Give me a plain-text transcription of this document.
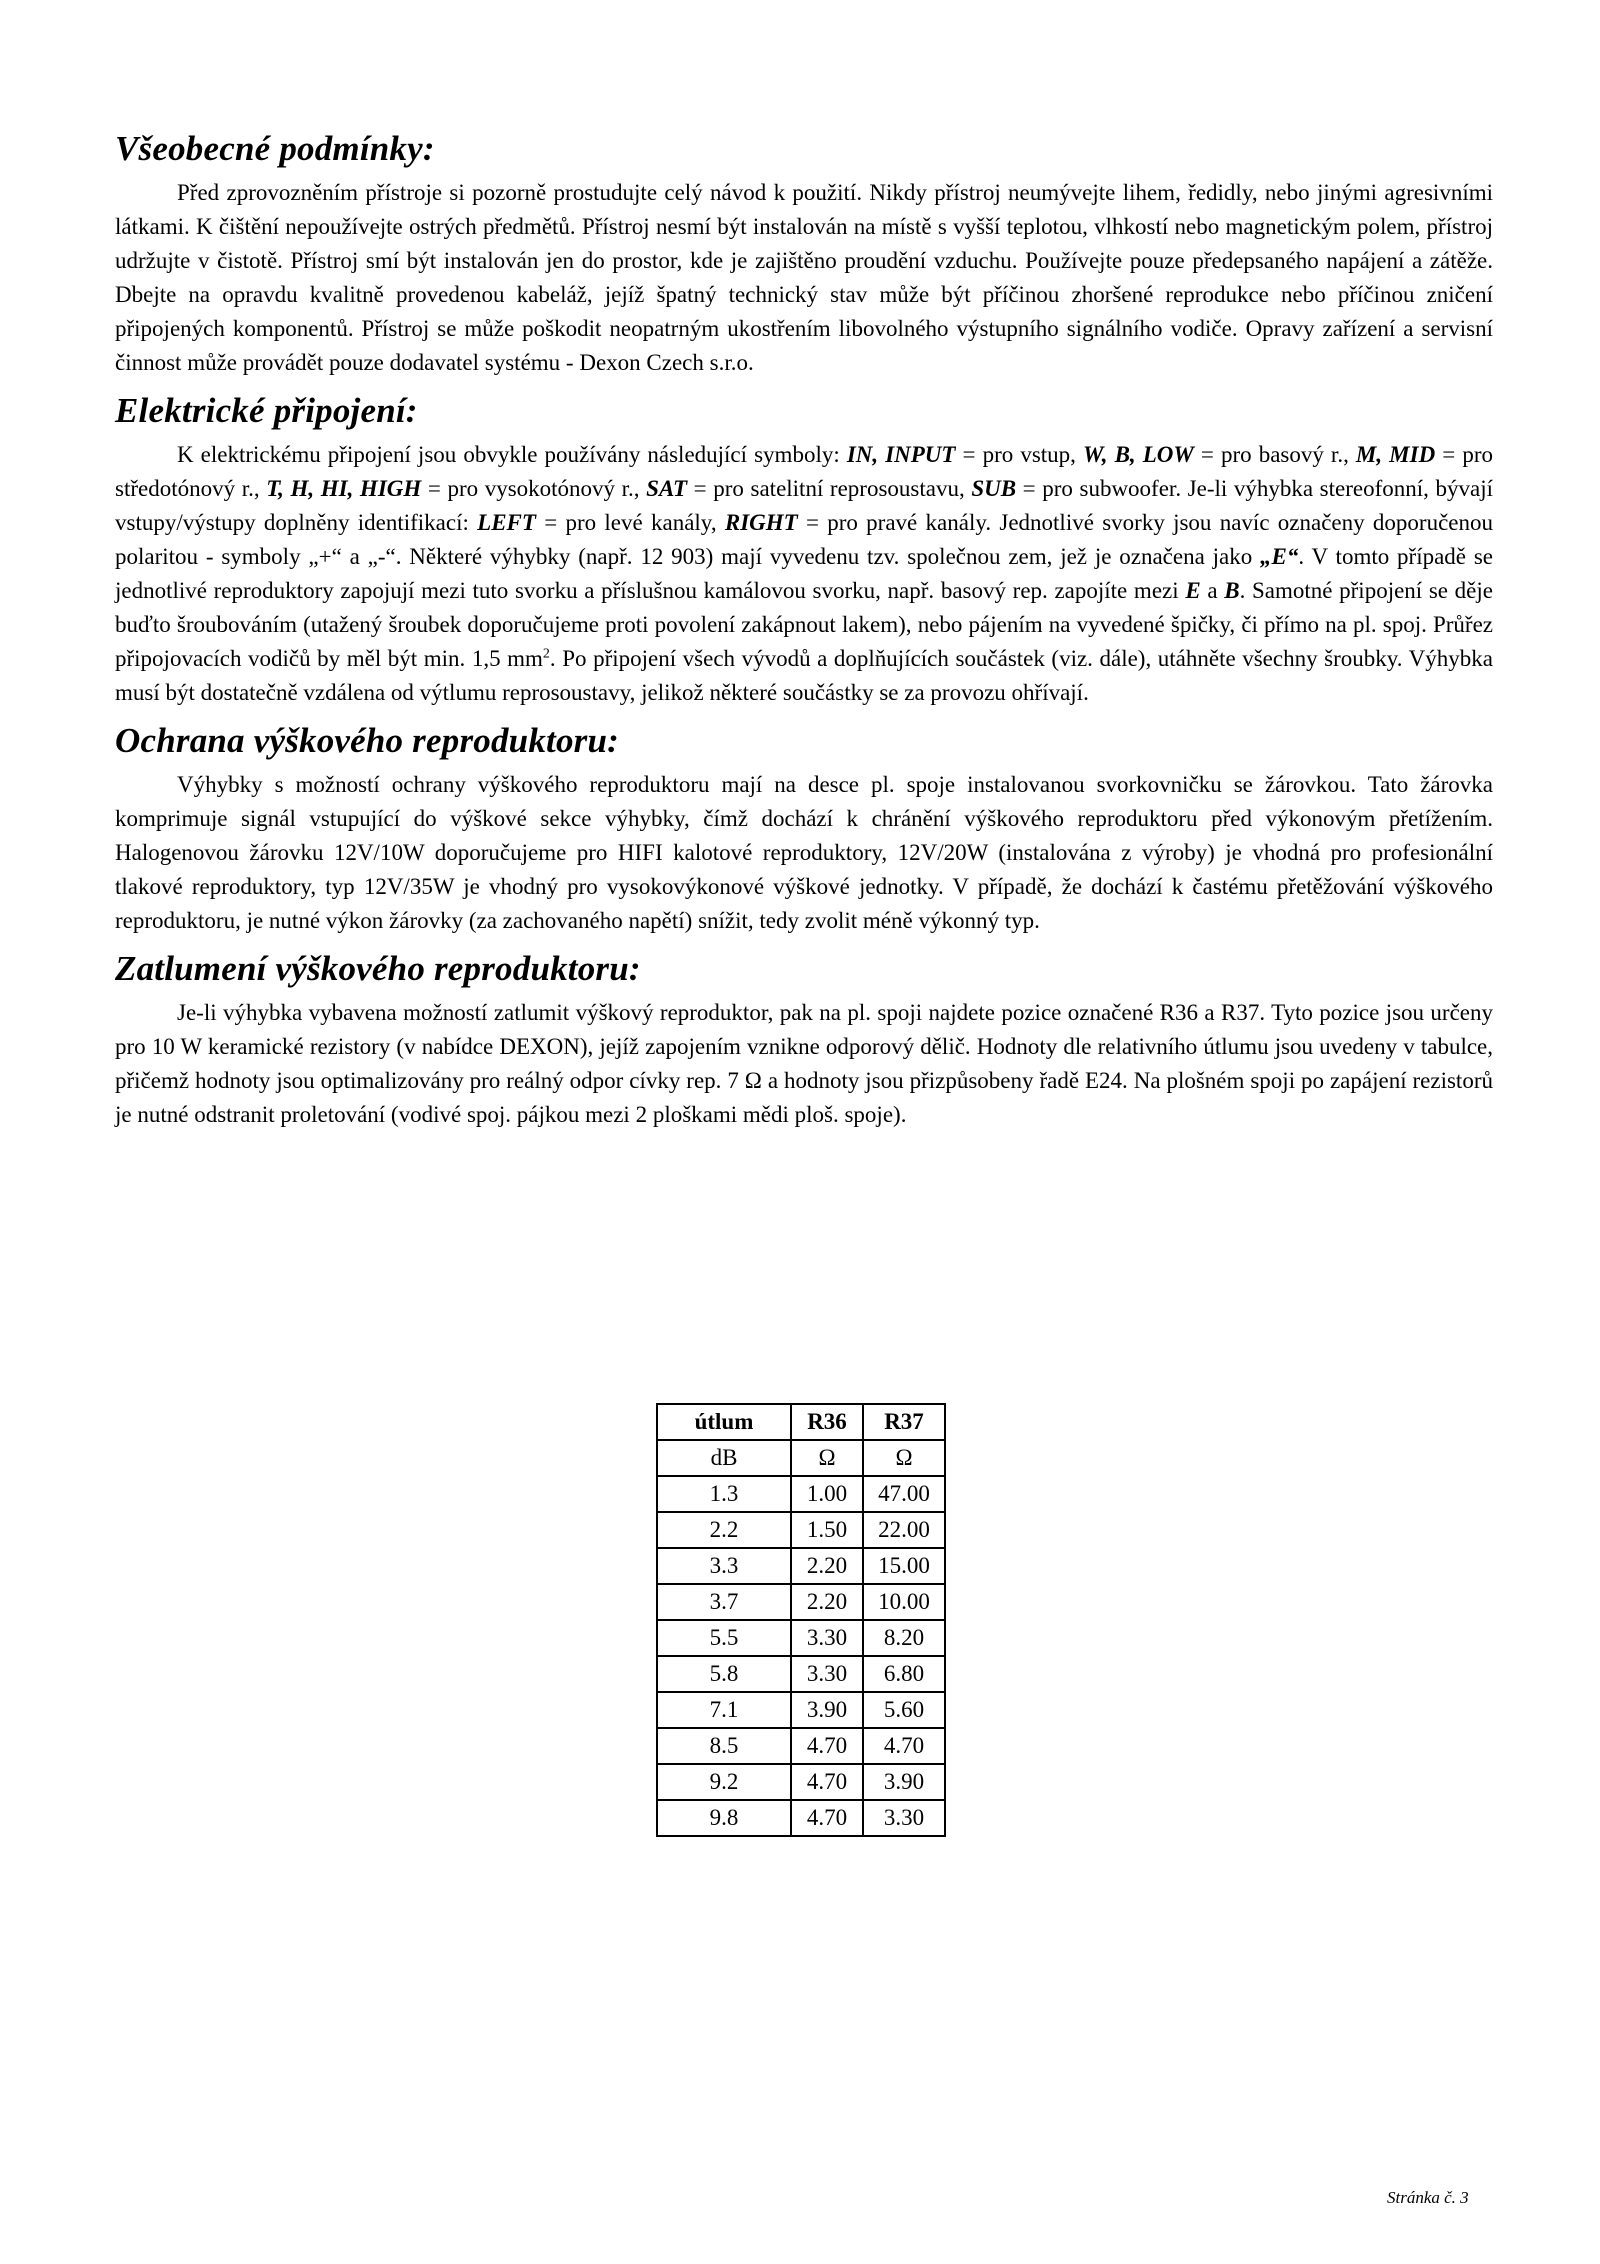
Všeobecné podmínky:

Před zprovozněním přístroje si pozorně prostudujte celý návod k použití. Nikdy přístroj neumývejte lihem, ředidly, nebo jinými agresivními látkami. K čištění nepoužívejte ostrých předmětů. Přístroj nesmí být instalován na místě s vyšší teplotou, vlhkostí nebo magnetickým polem, přístroj udržujte v čistotě. Přístroj smí být instalován jen do prostor, kde je zajištěno proudění vzduchu. Používejte pouze předepsaného napájení a zátěže. Dbejte na opravdu kvalitně provedenou kabeláž, jejíž špatný technický stav může být příčinou zhoršené reprodukce nebo příčinou zničení připojených komponentů. Přístroj se může poškodit neopatrným ukostřením libovolného výstupního signálního vodiče. Opravy zařízení a servisní činnost může provádět pouze dodavatel systému - Dexon Czech s.r.o.

Elektrické připojení:

K elektrickému připojení jsou obvykle používány následující symboly: IN, INPUT = pro vstup, W, B, LOW = pro basový r., M, MID = pro středotónový r., T, H, HI, HIGH = pro vysokotónový r., SAT = pro satelitní reprosoustavu, SUB = pro subwoofer. Je-li výhybka stereofonní, bývají vstupy/výstupy doplněny identifikací: LEFT = pro levé kanály, RIGHT = pro pravé kanály. Jednotlivé svorky jsou navíc označeny doporučenou polaritou - symboly „+“ a „-“. Některé výhybky (např. 12 903) mají vyvedenu tzv. společnou zem, jež je označena jako „E“. V tomto případě se jednotlivé reproduktory zapojují mezi tuto svorku a příslušnou kamálovou svorku, např. basový rep. zapojíte mezi E a B. Samotné připojení se děje buďto šroubováním (utažený šroubek doporučujeme proti povolení zakápnout lakem), nebo pájením na vyvedené špičky, či přímo na pl. spoj. Průřez připojovacích vodičů by měl být min. 1,5 $mm^2$. Po připojení všech vývodů a doplňujících součástek (viz. dále), utáhněte všechny šroubky. Výhybka musí být dostatečně vzdálena od výtlumu reprosoustavy, jelikož některé součástky se za provozu ohřívají.

Ochrana výškového reproduktoru:

Výhybky s možností ochrany výškového reproduktoru mají na desce pl. spoje instalovanou svorkovničku se žárovkou. Tato žárovka komprimuje signál vstupující do výškové sekce výhybky, čímž dochází k chránění výškového reproduktoru před výkonovým přetížením. Halogenovou žárovku 12V/10W doporučujeme pro HIFI kalotové reproduktory, 12V/20W (instalována z výroby) je vhodná pro profesionální tlakové reproduktory, typ 12V/35W je vhodný pro vysokovýkonové výškové jednotky. V případě, že dochází k častému přetěžování výškového reproduktoru, je nutné výkon žárovky (za zachovaného napětí) snížit, tedy zvolit méně výkonný typ.

Zatlumení výškového reproduktoru:

Je-li výhybka vybavena možností zatlumit výškový reproduktor, pak na pl. spoji najdete pozice označené R36 a R37. Tyto pozice jsou určeny pro 10 W keramické rezistory (v nabídce DEXON), jejíž zapojením vznikne odporový dělič. Hodnoty dle relativního útlumu jsou uvedeny v tabulce, přičemž hodnoty jsou optimalizovány pro reálný odpor cívky rep. 7 Ω a hodnoty jsou přizpůsobeny řadě E24. Na plošném spoji po zapájení rezistorů je nutné odstranit proletování (vodivé spoj. pájkou mezi 2 ploškami mědi ploš. spoje).

útlum	R36	R37
dB	Ω	Ω
1.3	1.00	47.00
2.2	1.50	22.00
3.3	2.20	15.00
3.7	2.20	10.00
5.5	3.30	8.20
5.8	3.30	6.80
7.1	3.90	5.60
8.5	4.70	4.70
9.2	4.70	3.90
9.8	4.70	3.30
Stránka č. 3
